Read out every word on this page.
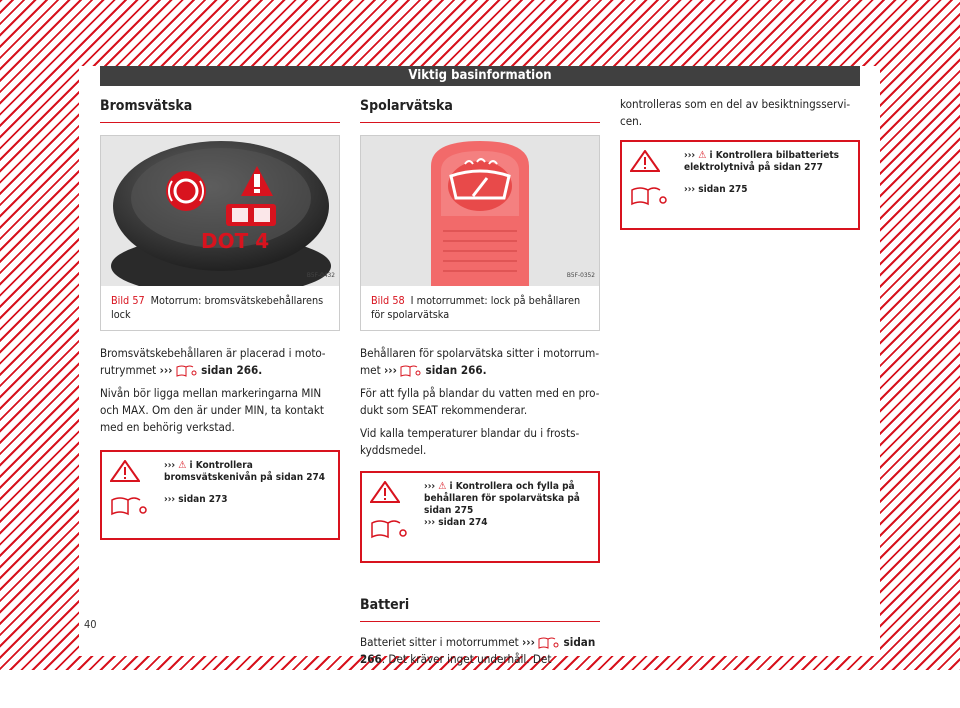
Viktig basinformation
Bromsvätska
DOT 4
B5F-0432
Bild 57 Motorrum: bromsvätskebehållarens lock

Bromsvätskebehållaren är placerad i motorutrymmet ››› sidan 266.

Nivån bör ligga mellan markeringarna MIN och MAX. Om den är under MIN, ta kontakt med en behörig verkstad.

››› ⚠ i Kontrollera bromsvätskenivån på sidan 274
››› sidan 273
Spolarvätska
B5F-0352
Bild 58 I motorrummet: lock på behållaren för spolarvätska

Behållaren för spolarvätska sitter i motorrummet ››› sidan 266.

För att fylla på blandar du vatten med en produkt som SEAT rekommenderar.

Vid kalla temperaturer blandar du i frostskyddsmedel.

››› ⚠ i Kontrollera och fylla på behållaren för spolarvätska på sidan 275
››› sidan 274
Batteri

Batteriet sitter i motorrummet ››› sidan 266. Det kräver inget underhåll. Det

kontrolleras som en del av besiktningsservicen.

››› ⚠ i Kontrollera bilbatteriets elektrolytnivå på sidan 277
››› sidan 275
40
